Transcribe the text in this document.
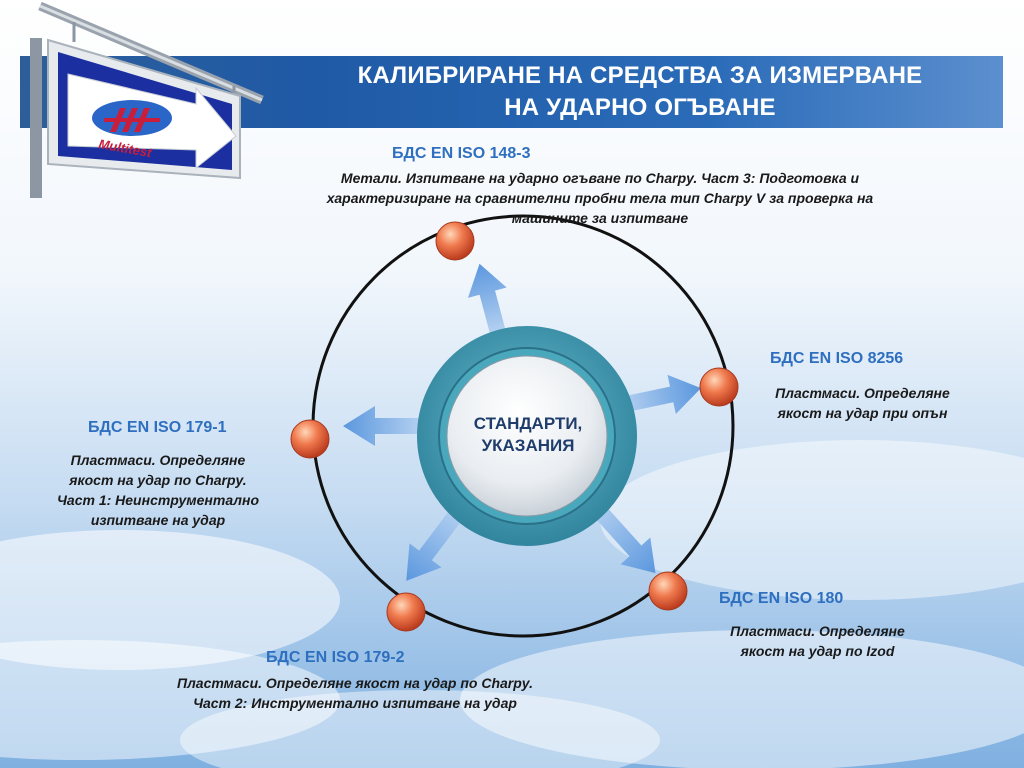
КАЛИБРИРАНЕ НА СРЕДСТВА ЗА ИЗМЕРВАНЕ
НА УДАРНО ОГЪВАНЕ
Multitest
СТАНДАРТИ,
УКАЗАНИЯ
БДС EN ISO 148-3
Метали. Изпитване на ударно огъване по Charpy. Част 3: Подготовка и
характеризиране на сравнителни пробни тела тип Charpy V за проверка на
машините за изпитване
БДС EN ISO 8256
Пластмаси. Определяне
якост на удар при опън
БДС EN ISO 179-1
Пластмаси. Определяне
якост на удар по Charpy.
Част 1: Неинструментално
изпитване на удар
БДС EN ISO 180
Пластмаси. Определяне
якост на удар по Izod
БДС EN ISO 179-2
Пластмаси. Определяне якост на удар по Charpy.
Част 2: Инструментално изпитване на удар
